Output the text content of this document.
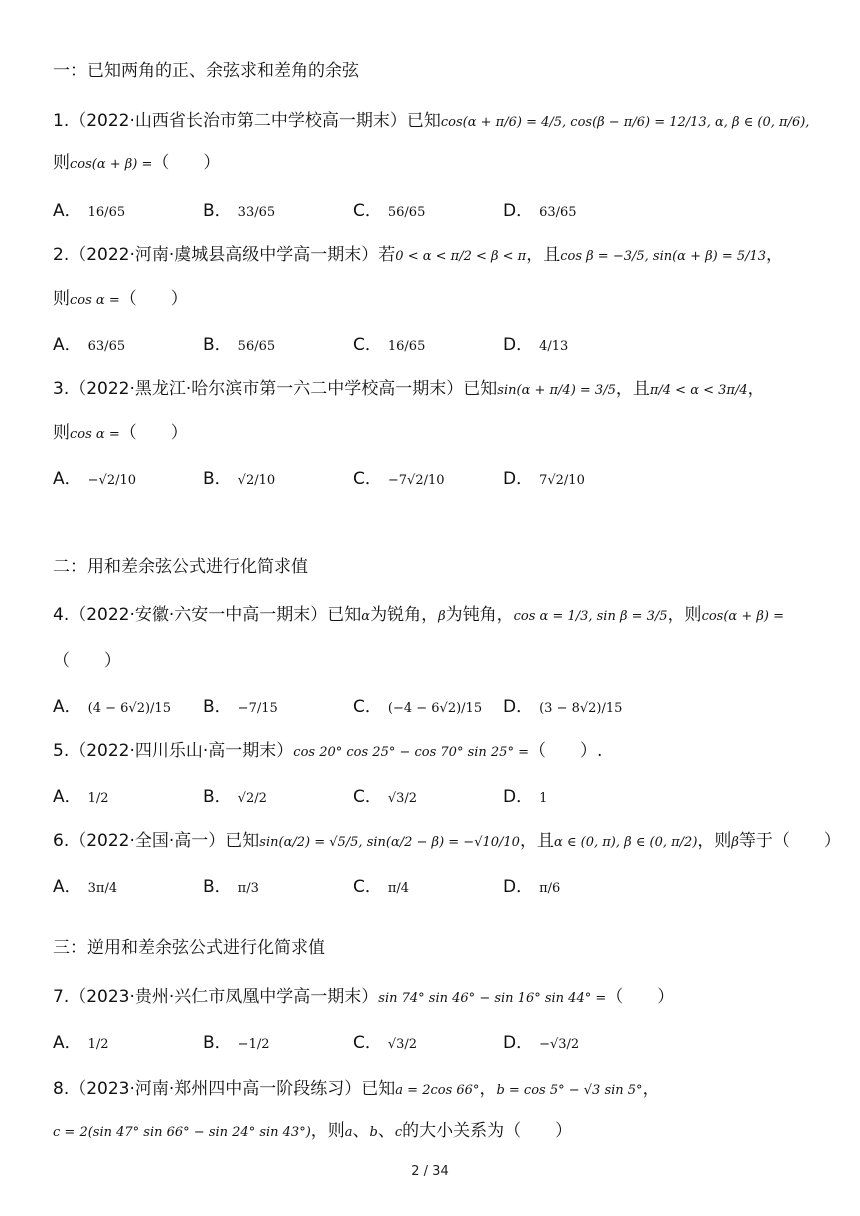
一：已知两角的正、余弦求和差角的余弦
1.（2022·山西省长治市第二中学校高一期末）已知cos(α + π/6) = 4/5, cos(β − π/6) = 12/13, α, β ∈ (0, π/6),
则cos(α + β) =（　　）
A． 16/65	B． 33/65	C． 56/65	D． 63/65
2.（2022·河南·虞城县高级中学高一期末）若0 < α < π/2 < β < π，且cos β = −3/5, sin(α + β) = 5/13，
则cos α =（　　）
A． 63/65	B． 56/65	C． 16/65	D． 4/13
3.（2022·黑龙江·哈尔滨市第一六二中学校高一期末）已知sin(α + π/4) = 3/5，且π/4 < α < 3π/4，
则cos α =（　　）
A． −√2/10	B． √2/10	C． −7√2/10	D． 7√2/10
二：用和差余弦公式进行化简求值
4.（2022·安徽·六安一中高一期末）已知α为锐角，β为钝角，cos α = 1/3, sin β = 3/5，则cos(α + β) =
（　　）
A． (4 − 6√2)/15 B． −7/15	C． (−4 − 6√2)/15 D． (3 − 8√2)/15
5.（2022·四川乐山·高一期末）cos 20° cos 25° − cos 70° sin 25° =（　　）.
A． 1/2	B． √2/2	C． √3/2	D． 1
6.（2022·全国·高一）已知sin(α/2) = √5/5, sin(α/2 − β) = −√10/10，且α ∈ (0, π), β ∈ (0, π/2)，则β等于（　　）
A． 3π/4	B． π/3	C． π/4	D． π/6
三：逆用和差余弦公式进行化简求值
7.（2023·贵州·兴仁市凤凰中学高一期末）sin 74° sin 46° − sin 16° sin 44° =（　　）
A． 1/2	B． −1/2	C． √3/2	D． −√3/2
8.（2023·河南·郑州四中高一阶段练习）已知a = 2cos 66°，b = cos 5° − √3 sin 5°，
c = 2(sin 47° sin 66° − sin 24° sin 43°)，则a、b、c的大小关系为（　　）
2 / 34
